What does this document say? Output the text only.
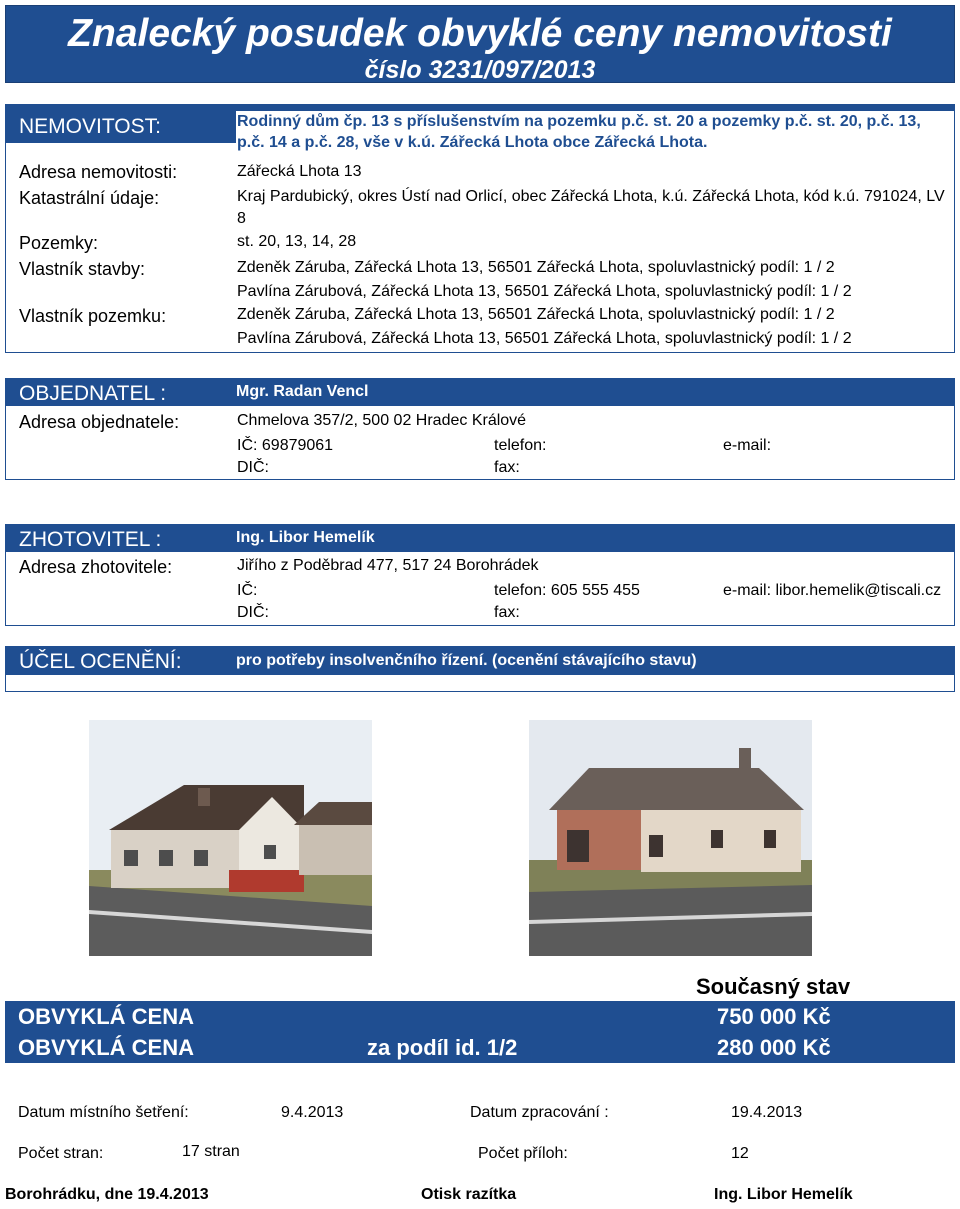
Znalecký posudek obvyklé ceny nemovitosti
číslo 3231/097/2013
NEMOVITOST:	Rodinný dům čp. 13 s příslušenstvím na pozemku p.č. st. 20 a pozemky p.č. st. 20, p.č. 13,
p.č. 14 a p.č. 28, vše v k.ú. Zářecká Lhota obce Zářecká Lhota.
Adresa nemovitosti:	Zářecká Lhota 13
Katastrální údaje:	Kraj Pardubický, okres Ústí nad Orlicí, obec Zářecká Lhota, k.ú. Zářecká Lhota, kód k.ú. 791024, LV
8
Pozemky:	st. 20, 13, 14, 28
Vlastník stavby:	Zdeněk Záruba, Zářecká Lhota 13, 56501 Zářecká Lhota, spoluvlastnický podíl: 1 / 2
Pavlína Zárubová, Zářecká Lhota 13, 56501 Zářecká Lhota, spoluvlastnický podíl: 1 / 2
Vlastník pozemku:	Zdeněk Záruba, Zářecká Lhota 13, 56501 Zářecká Lhota, spoluvlastnický podíl: 1 / 2
Pavlína Zárubová, Zářecká Lhota 13, 56501 Zářecká Lhota, spoluvlastnický podíl: 1 / 2
OBJEDNATEL :	Mgr. Radan Vencl
Adresa objednatele:	Chmelova 357/2, 500 02 Hradec Králové
IČ: 69879061	telefon:	e-mail:
DIČ:	fax:
ZHOTOVITEL :	Ing. Libor Hemelík
Adresa zhotovitele:	Jiřího z Poděbrad 477, 517 24 Borohrádek
IČ:	telefon: 605 555 455	e-mail: libor.hemelik@tiscali.cz
DIČ:	fax:
ÚČEL OCENĚNÍ:	pro potřeby insolvenčního řízení. (ocenění stávajícího stavu)
Současný stav
OBVYKLÁ CENA	750 000 Kč
OBVYKLÁ CENA	za podíl id. 1/2	280 000 Kč
Datum místního šetření:	9.4.2013	Datum zpracování :	19.4.2013
Počet stran:	17 stran	Počet příloh:	12
Borohrádku, dne 19.4.2013	Otisk razítka	Ing. Libor Hemelík
